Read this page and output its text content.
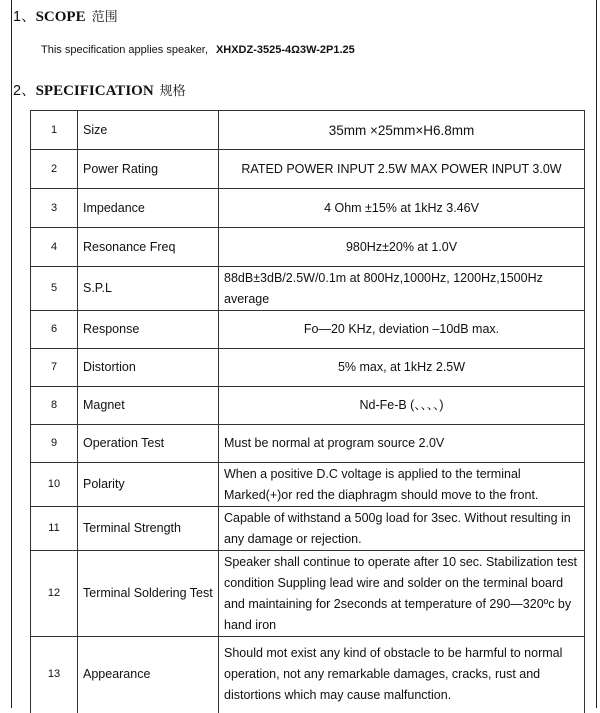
1、SCOPE 范围
This specification applies speaker, XHXDZ-3525-4Ω3W-2P1.25
2、SPECIFICATION 规格
1	Size	35mm ×25mm×H6.8mm
2	Power Rating	RATED POWER INPUT 2.5W MAX POWER INPUT 3.0W
3	Impedance	4 Ohm ±15% at 1kHz 3.46V
4	Resonance Freq	980Hz±20% at 1.0V
5	S.P.L	88dB±3dB/2.5W/0.1m at 800Hz,1000Hz, 1200Hz,1500Hz average
6	Response	Fo—20 KHz, deviation –10dB max.
7	Distortion	5% max, at 1kHz 2.5W
8	Magnet	Nd-Fe-B (、、、、)
9	Operation Test	Must be normal at program source 2.0V
10	Polarity	When a positive D.C voltage is applied to the terminal Marked(+)or red the diaphragm should move to the front.
11	Terminal Strength	Capable of withstand a 500g load for 3sec. Without resulting in any damage or rejection.
12	Terminal Soldering Test	Speaker shall continue to operate after 10 sec. Stabilization test condition Suppling lead wire and solder on the terminal board and maintaining for 2seconds at temperature of 290—320ºc by hand iron
13	Appearance	Should mot exist any kind of obstacle to be harmful to normal operation, not any remarkable damages, cracks, rust and distortions which may cause malfunction.
